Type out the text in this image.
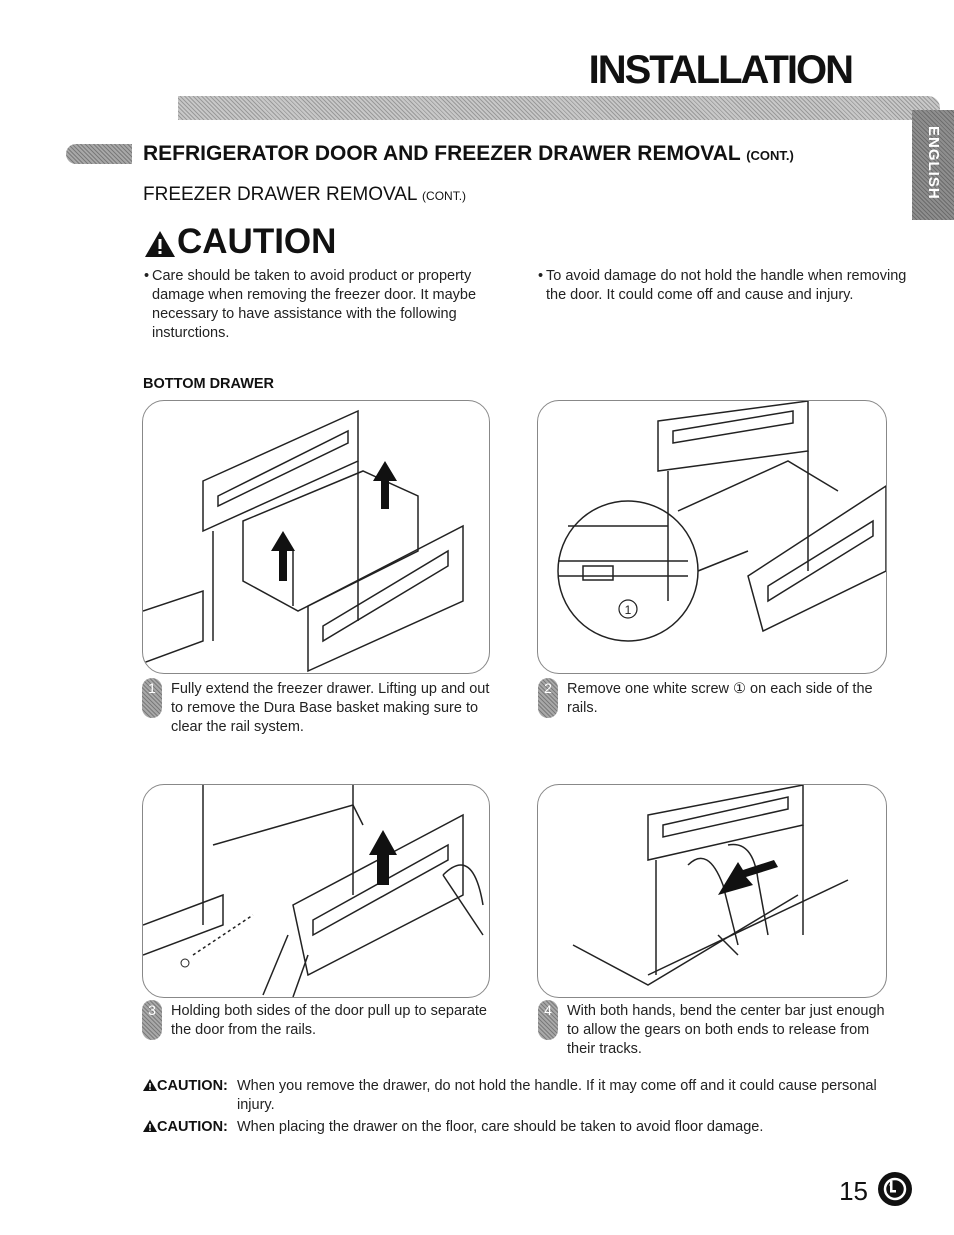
INSTALLATION
ENGLISH
REFRIGERATOR DOOR AND FREEZER DRAWER REMOVAL (CONT.)
FREEZER DRAWER REMOVAL (CONT.)
CAUTION
• Care should be taken to avoid product or property damage when removing the freezer door. It maybe necessary to have assistance with the following insturctions.
• To avoid damage do not hold the handle when removing the door. It could come off and cause and injury.
BOTTOM DRAWER
1
1	Fully extend the freezer drawer. Lifting up and out to remove the Dura Base basket making sure to clear the rail system.
2	Remove one white screw ① on each side of the rails.
3	Holding both sides of the door pull up to separate the door from the rails.
4	With both hands, bend the center bar just enough to allow the gears on both ends to release from their tracks.
CAUTION: When you remove the drawer, do not hold the handle. If it may come off and it could cause personal injury.
CAUTION: When placing the drawer on the floor, care should be taken to avoid floor damage.
15
